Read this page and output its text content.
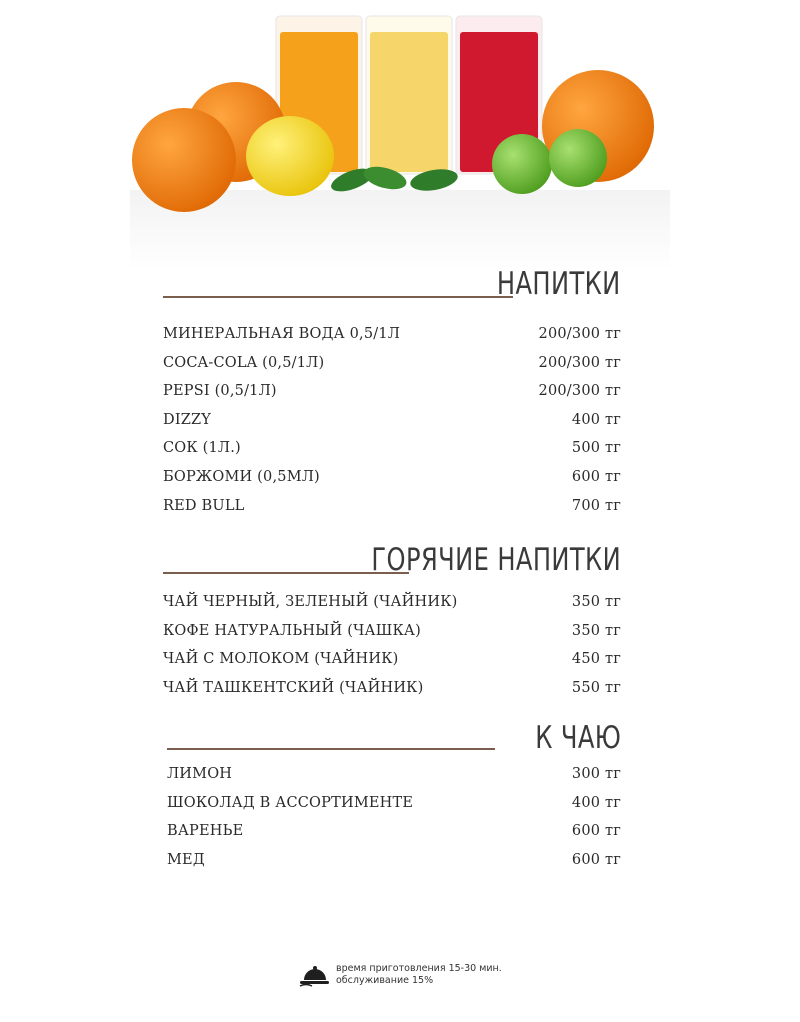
НАПИТКИ
МИНЕРАЛЬНАЯ ВОДА 0,5/1Л	200/300 тг
COCA-COLA (0,5/1Л)	200/300 тг
PEPSI (0,5/1Л)	200/300 тг
DIZZY	400 тг
СОК (1Л.)	500 тг
БОРЖОМИ (0,5МЛ)	600 тг
RED BULL	700 тг
ГОРЯЧИЕ НАПИТКИ
ЧАЙ ЧЕРНЫЙ, ЗЕЛЕНЫЙ (ЧАЙНИК)	350 тг
КОФЕ НАТУРАЛЬНЫЙ (ЧАШКА)	350 тг
ЧАЙ С МОЛОКОМ (ЧАЙНИК)	450 тг
ЧАЙ ТАШКЕНТСКИЙ (ЧАЙНИК)	550 тг
К ЧАЮ
ЛИМОН	300 тг
ШОКОЛАД В АССОРТИМЕНТЕ	400 тг
ВАРЕНЬЕ	600 тг
МЕД	600 тг
время приготовления 15-30 мин.
обслуживание 15%
